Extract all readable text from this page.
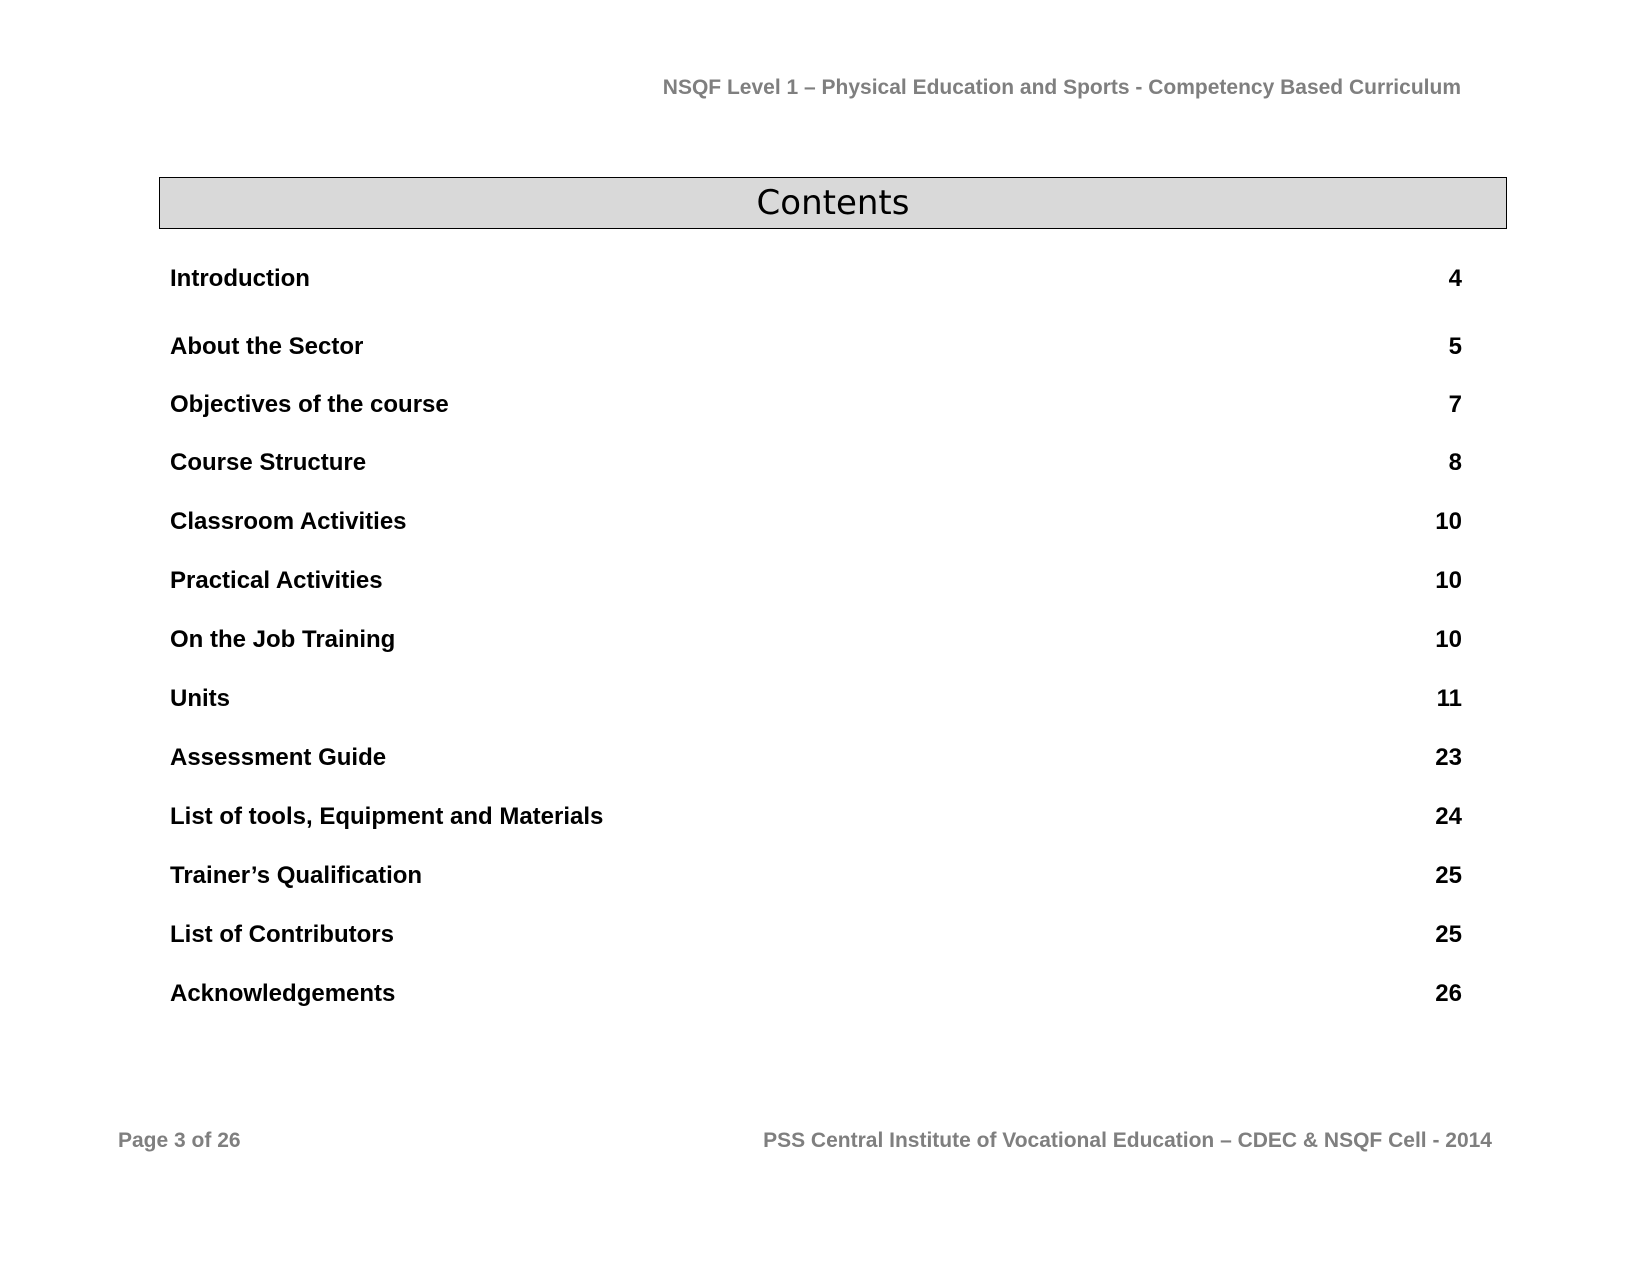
NSQF Level 1 – Physical Education and Sports - Competency Based Curriculum
Contents
Introduction	4
About the Sector	5
Objectives of the course	7
Course Structure	8
Classroom Activities	10
Practical Activities	10
On the Job Training	10
Units	11
Assessment Guide	23
List of tools, Equipment and Materials	24
Trainer’s Qualification	25
List of Contributors	25
Acknowledgements	26
Page 3 of 26	PSS Central Institute of Vocational Education – CDEC & NSQF Cell - 2014
